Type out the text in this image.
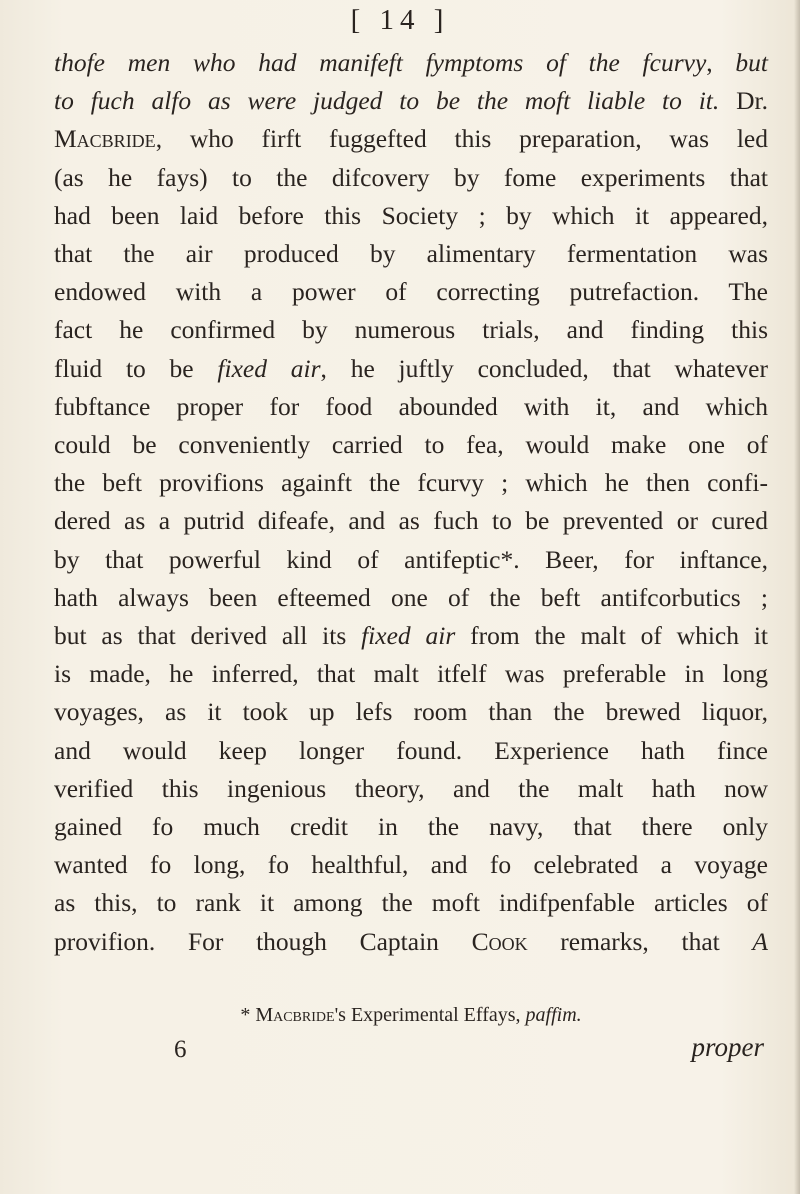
[ 14 ]
thofe men who had manifeft fymptoms of the fcurvy, but
to fuch alfo as were judged to be the moft liable to it. Dr.
Macbride, who firft fuggefted this preparation, was led
(as he fays) to the difcovery by fome experiments that
had been laid before this Society ; by which it appeared,
that the air produced by alimentary fermentation was
endowed with a power of correcting putrefaction. The
fact he confirmed by numerous trials, and finding this
fluid to be fixed air, he juftly concluded, that whatever
fubftance proper for food abounded with it, and which
could be conveniently carried to fea, would make one of
the beft provifions againft the fcurvy ; which he then confi-
dered as a putrid difeafe, and as fuch to be prevented or cured
by that powerful kind of antifeptic*. Beer, for inftance,
hath always been efteemed one of the beft antifcorbutics ;
but as that derived all its fixed air from the malt of which it
is made, he inferred, that malt itfelf was preferable in long
voyages, as it took up lefs room than the brewed liquor,
and would keep longer found. Experience hath fince
verified this ingenious theory, and the malt hath now
gained fo much credit in the navy, that there only
wanted fo long, fo healthful, and fo celebrated a voyage
as this, to rank it among the moft indifpenfable articles of
provifion. For though Captain Cook remarks, that A
* Macbride's Experimental Effays, paffim.
6	proper
